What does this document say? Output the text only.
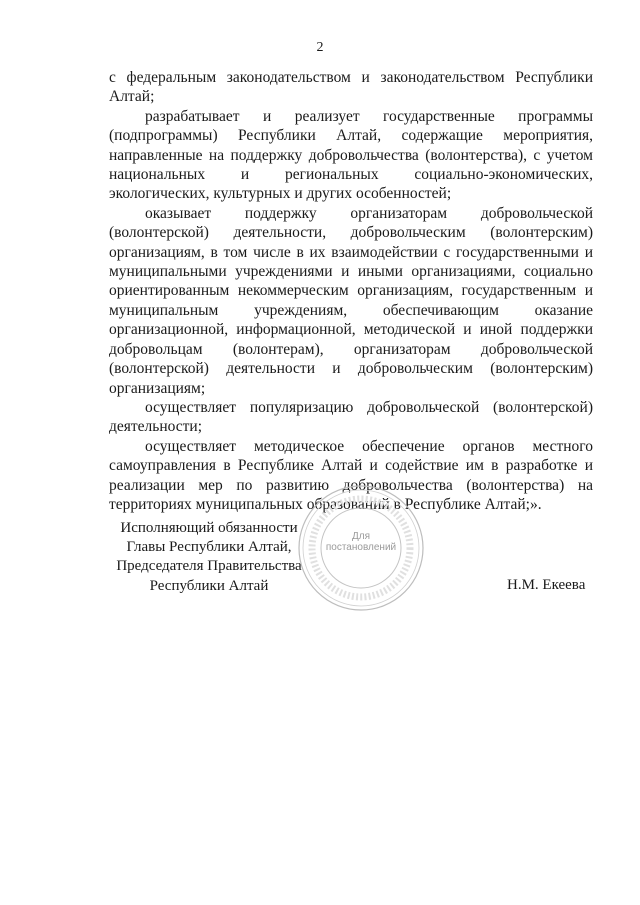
2

с федеральным законодательством и законодательством Республики Алтай;

разрабатывает и реализует государственные программы (подпрограммы) Республики Алтай, содержащие мероприятия, направленные на поддержку добровольчества (волонтерства), с учетом национальных и региональных социально-экономических, экологических, культурных и других особенностей;

оказывает поддержку организаторам добровольческой (волонтерской) деятельности, добровольческим (волонтерским) организациям, в том числе в их взаимодействии с государственными и муниципальными учреждениями и иными организациями, социально ориентированным некоммерческим организациям, государственным и муниципальным учреждениям, обеспечивающим оказание организационной, информационной, методической и иной поддержки добровольцам (волонтерам), организаторам добровольческой (волонтерской) деятельности и добровольческим (волонтерским) организациям;

осуществляет популяризацию добровольческой (волонтерской) деятельности;

осуществляет методическое обеспечение органов местного самоуправления в Республике Алтай и содействие им в разработке и реализации мер по развитию добровольчества (волонтерства) на территориях муниципальных образований в Республике Алтай;».

Для
постановлений
Исполняющий обязанности
Главы Республики Алтай,
Председателя Правительства
Республики Алтай	Н.М. Екеева
